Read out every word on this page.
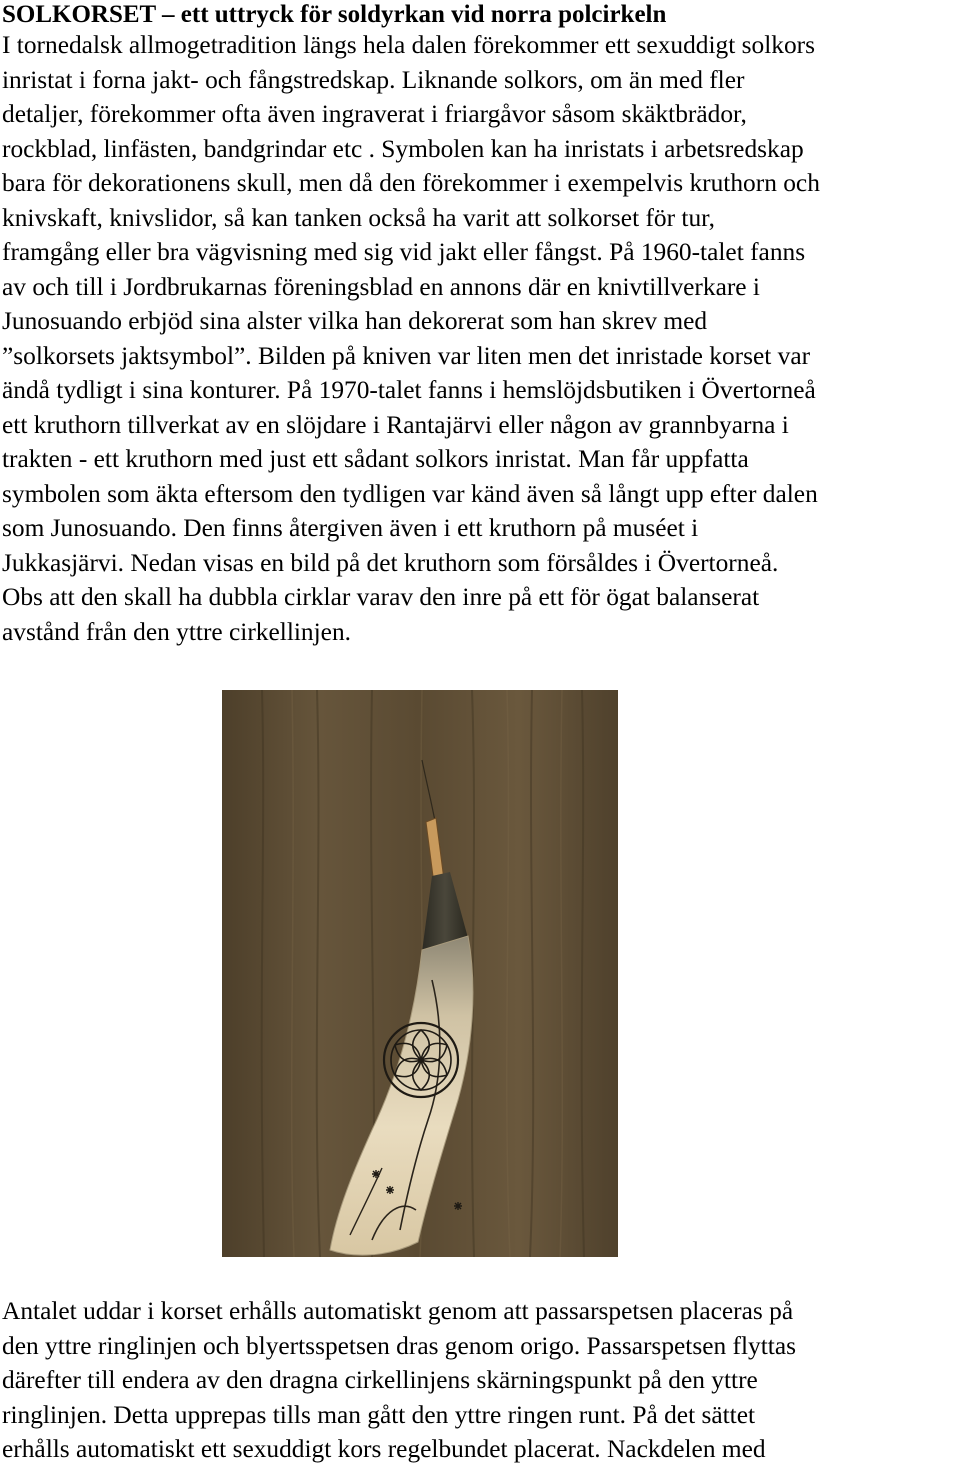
SOLKORSET – ett uttryck för soldyrkan vid norra polcirkeln
I tornedalsk allmogetradition längs hela dalen förekommer ett sexuddigt solkors
inristat i forna jakt- och fångstredskap. Liknande solkors, om än med fler
detaljer, förekommer ofta även ingraverat i friargåvor såsom skäktbrädor,
rockblad, linfästen, bandgrindar etc . Symbolen kan ha inristats i arbetsredskap
bara för dekorationens skull, men då den förekommer i exempelvis kruthorn och
knivskaft, knivslidor, så kan tanken också ha varit att solkorset för tur,
framgång eller bra vägvisning med sig vid jakt eller fångst. På 1960-talet fanns
av och till i Jordbrukarnas föreningsblad en annons där en knivtillverkare i
Junosuando erbjöd sina alster vilka han dekorerat som han skrev med
”solkorsets jaktsymbol”. Bilden på kniven var liten men det inristade korset var
ändå tydligt i sina konturer. På 1970-talet fanns i hemslöjdsbutiken i Övertorneå
ett kruthorn tillverkat av en slöjdare i Rantajärvi eller någon av grannbyarna i
trakten - ett kruthorn med just ett sådant solkors inristat. Man får uppfatta
symbolen som äkta eftersom den tydligen var känd även så långt upp efter dalen
som Junosuando. Den finns återgiven även i ett kruthorn på muséet i
Jukkasjärvi. Nedan visas en bild på det kruthorn som försåldes i Övertorneå.
Obs att den skall ha dubbla cirklar varav den inre på ett för ögat balanserat
avstånd från den yttre cirkellinjen.
Antalet uddar i korset erhålls automatiskt genom att passarspetsen placeras på
den yttre ringlinjen och blyertsspetsen dras genom origo. Passarspetsen flyttas
därefter till endera av den dragna cirkellinjens skärningspunkt på den yttre
ringlinjen. Detta upprepas tills man gått den yttre ringen runt. På det sättet
erhålls automatiskt ett sexuddigt kors regelbundet placerat. Nackdelen med
